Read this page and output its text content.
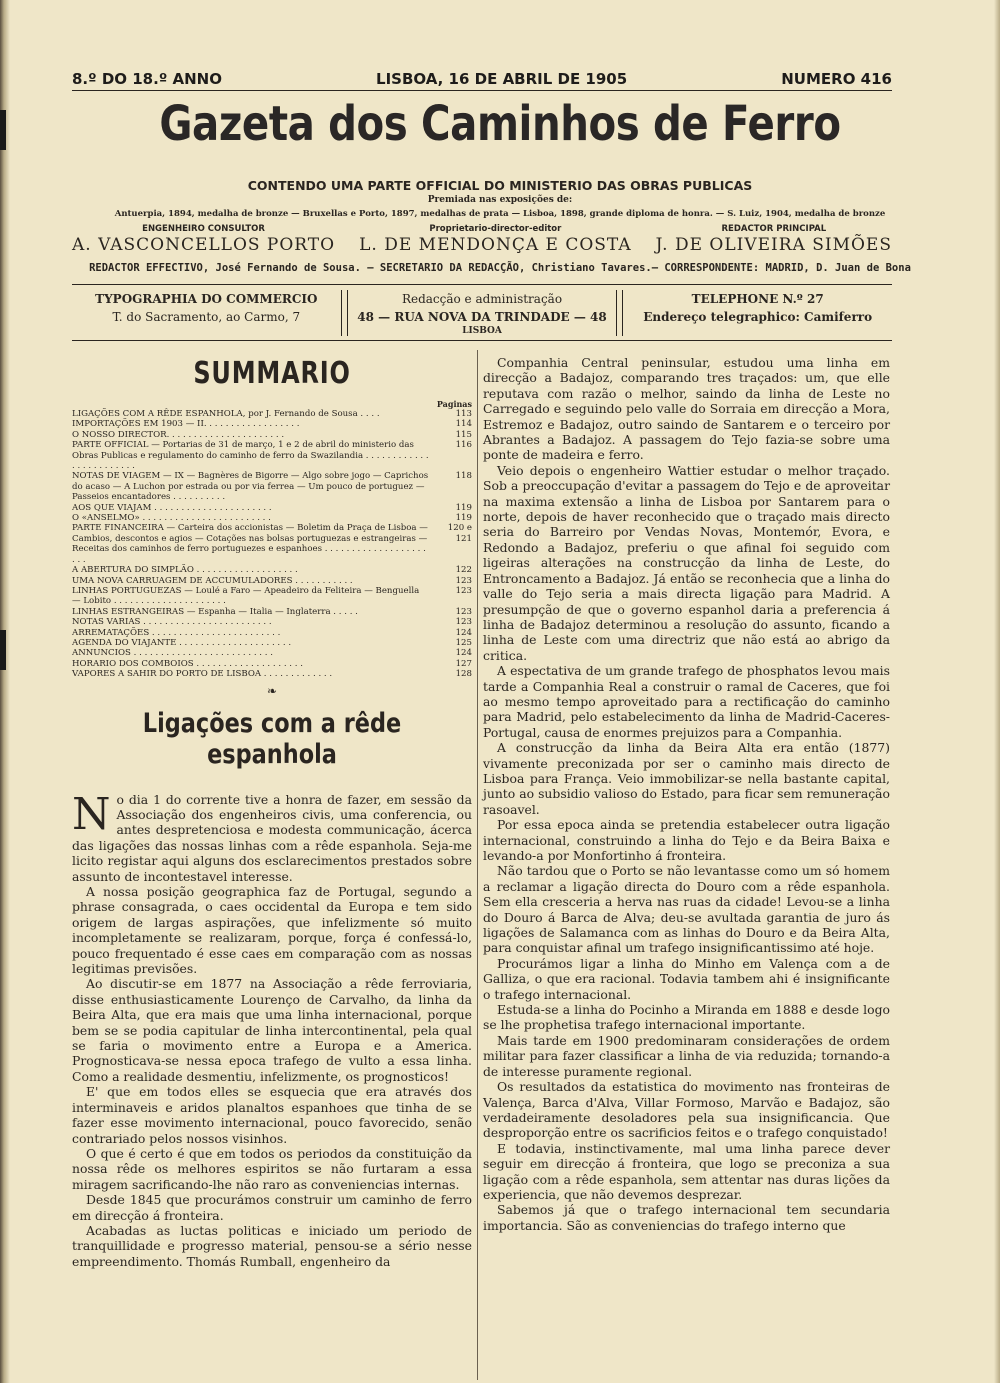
8.º DO 18.º ANNO	LISBOA, 16 DE ABRIL DE 1905	NUMERO 416
Gazeta dos Caminhos de Ferro
CONTENDO UMA PARTE OFFICIAL DO MINISTERIO DAS OBRAS PUBLICAS
Premiada nas exposições de:
Antuerpia, 1894, medalha de bronze — Bruxellas e Porto, 1897, medalhas de prata — Lisboa, 1898, grande diploma de honra. — S. Luiz, 1904, medalha de bronze
ENGENHEIRO CONSULTOR
A. VASCONCELLOS PORTO
Proprietario-director-editor
L. DE MENDONÇA E COSTA
REDACTOR PRINCIPAL
J. DE OLIVEIRA SIMÕES
REDACTOR EFFECTIVO, José Fernando de Sousa. — SECRETARIO DA REDACÇÃO, Christiano Tavares.— CORRESPONDENTE: MADRID, D. Juan de Bona
TYPOGRAPHIA DO COMMERCIO
T. do Sacramento, ao Carmo, 7
Redacção e administração
48 — RUA NOVA DA TRINDADE — 48
LISBOA
TELEPHONE N.º 27
Endereço telegraphico: Camiferro
SUMMARIO
Paginas
LIGAÇÕES COM A RÊDE ESPANHOLA, por J. Fernando de Sousa . . . .	113
IMPORTAÇÕES EM 1903 — II. . . . . . . . . . . . . . . . . .	114
O NOSSO DIRECTOR. . . . . . . . . . . . . . . . . . . . . .	115
PARTE OFFICIAL — Portarias de 31 de março, 1 e 2 de abril do ministerio das Obras Publicas e regulamento do caminho de ferro da Swazilandia . . . . . . . . . . . . . . . . . . . . . . . .
116
NOTAS DE VIAGEM — IX — Bagnères de Bigorre — Algo sobre jogo — Caprichos do acaso — A Luchon por estrada ou por via ferrea — Um pouco de portuguez — Passeios encantadores . . . . . . . . . .
118
AOS QUE VIAJAM . . . . . . . . . . . . . . . . . . . . . .	119
O «ANSELMO» . . . . . . . . . . . . . . . . . . . . . . . .	119
PARTE FINANCEIRA — Carteira dos accionistas — Boletim da Praça de Lisboa — Cambios, descontos e agios — Cotações nas bolsas portuguezas e estrangeiras — Receitas dos caminhos de ferro portuguezes e espanhoes . . . . . . . . . . . . . . . . . . . . . .
120 e 121
A ABERTURA DO SIMPLÃO . . . . . . . . . . . . . . . . . . .	122
UMA NOVA CARRUAGEM DE ACCUMULADORES . . . . . . . . . . .	123
LINHAS PORTUGUEZAS — Loulé a Faro — Apeadeiro da Feliteira — Benguella — Lobito . . . . . . . . . . . . . . . . . . . . .
123
LINHAS ESTRANGEIRAS — Espanha — Italia — Inglaterra . . . . .	123
NOTAS VARIAS . . . . . . . . . . . . . . . . . . . . . . . .	123
ARREMATAÇÕES . . . . . . . . . . . . . . . . . . . . . . . .	124
AGENDA DO VIAJANTE . . . . . . . . . . . . . . . . . . . . .	125
ANNUNCIOS . . . . . . . . . . . . . . . . . . . . . . . . . .	124
HORARIO DOS COMBOIOS . . . . . . . . . . . . . . . . . . . .	127
VAPORES A SAHIR DO PORTO DE LISBOA . . . . . . . . . . . . .	128
❧
Ligações com a rêde espanhola
N o dia 1 do corrente tive a honra de fazer, em sessão da Associação dos engenheiros civis, uma conferencia, ou antes despretenciosa e modesta communicação, ácerca das ligações das nossas linhas com a rêde espanhola. Seja-me licito registar aqui alguns dos esclarecimentos prestados sobre assunto de incontestavel interesse.

A nossa posição geographica faz de Portugal, segundo a phrase consagrada, o caes occidental da Europa e tem sido origem de largas aspirações, que infelizmente só muito incompletamente se realizaram, porque, força é confessá-lo, pouco frequentado é esse caes em comparação com as nossas legitimas previsões.

Ao discutir-se em 1877 na Associação a rêde ferroviaria, disse enthusiasticamente Lourenço de Carvalho, da linha da Beira Alta, que era mais que uma linha internacional, porque bem se se podia capitular de linha intercontinental, pela qual se faria o movimento entre a Europa e a America. Prognosticava-se nessa epoca trafego de vulto a essa linha. Como a realidade desmentiu, infelizmente, os prognosticos!

E' que em todos elles se esquecia que era através dos interminaveis e aridos planaltos espanhoes que tinha de se fazer esse movimento internacional, pouco favorecido, senão contrariado pelos nossos visinhos.

O que é certo é que em todos os periodos da constituição da nossa rêde os melhores espiritos se não furtaram a essa miragem sacrificando-lhe não raro as conveniencias internas.

Desde 1845 que procurámos construir um caminho de ferro em direcção á fronteira.

Acabadas as luctas politicas e iniciado um periodo de tranquillidade e progresso material, pensou-se a sério nesse empreendimento. Thomás Rumball, engenheiro da

Companhia Central peninsular, estudou uma linha em direcção a Badajoz, comparando tres traçados: um, que elle reputava com razão o melhor, saindo da linha de Leste no Carregado e seguindo pelo valle do Sorraia em direcção a Mora, Estremoz e Badajoz, outro saindo de Santarem e o terceiro por Abrantes a Badajoz. A passagem do Tejo fazia-se sobre uma ponte de madeira e ferro.

Veio depois o engenheiro Wattier estudar o melhor traçado. Sob a preoccupação d'evitar a passagem do Tejo e de aproveitar na maxima extensão a linha de Lisboa por Santarem para o norte, depois de haver reconhecido que o traçado mais directo seria do Barreiro por Vendas Novas, Montemór, Evora, e Redondo a Badajoz, preferiu o que afinal foi seguido com ligeiras alterações na construcção da linha de Leste, do Entroncamento a Badajoz. Já então se reconhecia que a linha do valle do Tejo seria a mais directa ligação para Madrid. A presumpção de que o governo espanhol daria a preferencia á linha de Badajoz determinou a resolução do assunto, ficando a linha de Leste com uma directriz que não está ao abrigo da critica.

A espectativa de um grande trafego de phosphatos levou mais tarde a Companhia Real a construir o ramal de Caceres, que foi ao mesmo tempo aproveitado para a rectificação do caminho para Madrid, pelo estabelecimento da linha de Madrid-Caceres-Portugal, causa de enormes prejuizos para a Companhia.

A construcção da linha da Beira Alta era então (1877) vivamente preconizada por ser o caminho mais directo de Lisboa para França. Veio immobilizar-se nella bastante capital, junto ao subsidio valioso do Estado, para ficar sem remuneração rasoavel.

Por essa epoca ainda se pretendia estabelecer outra ligação internacional, construindo a linha do Tejo e da Beira Baixa e levando-a por Monfortinho á fronteira.

Não tardou que o Porto se não levantasse como um só homem a reclamar a ligação directa do Douro com a rêde espanhola. Sem ella cresceria a herva nas ruas da cidade! Levou-se a linha do Douro á Barca de Alva; deu-se avultada garantia de juro ás ligações de Salamanca com as linhas do Douro e da Beira Alta, para conquistar afinal um trafego insignificantissimo até hoje.

Procurámos ligar a linha do Minho em Valença com a de Galliza, o que era racional. Todavia tambem ahi é insignificante o trafego internacional.

Estuda-se a linha do Pocinho a Miranda em 1888 e desde logo se lhe prophetisa trafego internacional importante.

Mais tarde em 1900 predominaram considerações de ordem militar para fazer classificar a linha de via reduzida; tornando-a de interesse puramente regional.

Os resultados da estatistica do movimento nas fronteiras de Valença, Barca d'Alva, Villar Formoso, Marvão e Badajoz, são verdadeiramente desoladores pela sua insignificancia. Que desproporção entre os sacrificios feitos e o trafego conquistado!

E todavia, instinctivamente, mal uma linha parece dever seguir em direcção á fronteira, que logo se preconiza a sua ligação com a rêde espanhola, sem attentar nas duras lições da experiencia, que não devemos desprezar.

Sabemos já que o trafego internacional tem secundaria importancia. São as conveniencias do trafego interno que
